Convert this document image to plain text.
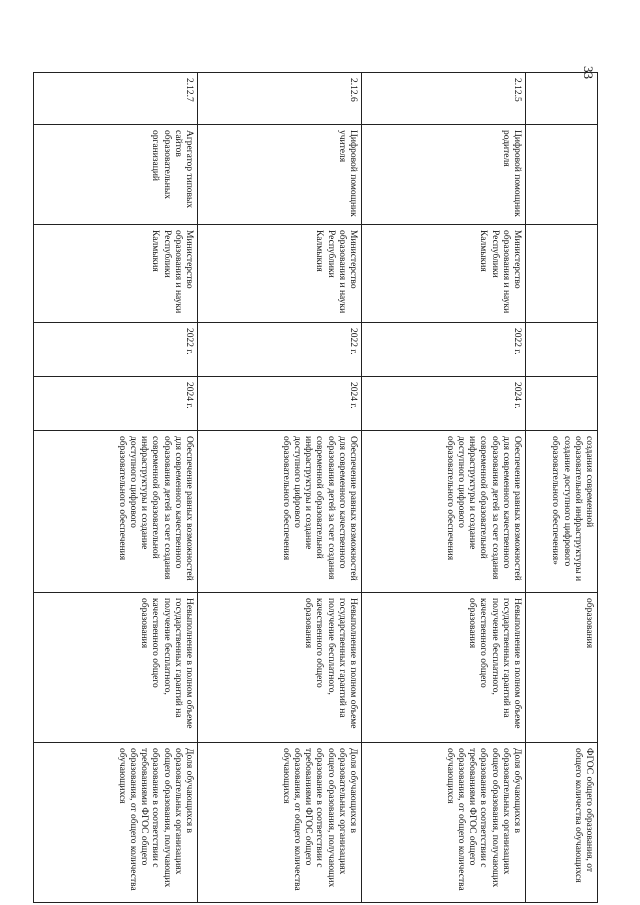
33
					создания современной образовательной инфраструктуры и создание доступного цифрового образовательного обеспечения»	образования	ФГОС общего образования, от общего количества обучающихся
2.12.5	Цифровой помощник родителя	Министерство образования и науки Республики Калмыкия	2022 г.	2024 г.	Обеспечение равных возможностей для современного качественного образования детей за счет создания современной образовательной инфраструктуры и создание доступного цифрового образовательного обеспечения	Невыполнение в полном объеме государственных гарантий на получение бесплатного, качественного общего образования	Доля обучающихся в образовательных организациях общего образования, получающих образование в соответствии с требованиями ФГОС общего образования, от общего количества обучающихся
2.12.6	Цифровой помощник учителя	Министерство образования и науки Республики Калмыкия	2022 г.	2024 г.	Обеспечение равных возможностей для современного качественного образования детей за счет создания современной образовательной инфраструктуры и создание доступного цифрового образовательного обеспечения	Невыполнение в полном объеме государственных гарантий на получение бесплатного, качественного общего образования	Доля обучающихся в образовательных организациях общего образования, получающих образование в соответствии с требованиями ФГОС общего образования, от общего количества обучающихся
2.12.7	Агрегатор типовых сайтов образовательных организаций	Министерство образования и науки Республики Калмыкия	2022 г.	2024 г.	Обеспечение равных возможностей для современного качественного образования детей за счет создания современной образовательной инфраструктуры и создание доступного цифрового образовательного обеспечения	Невыполнение в полном объеме государственных гарантий на получение бесплатного, качественного общего образования	Доля обучающихся в образовательных организациях общего образования, получающих образование в соответствии с требованиями ФГОС общего образования, от общего количества обучающихся
